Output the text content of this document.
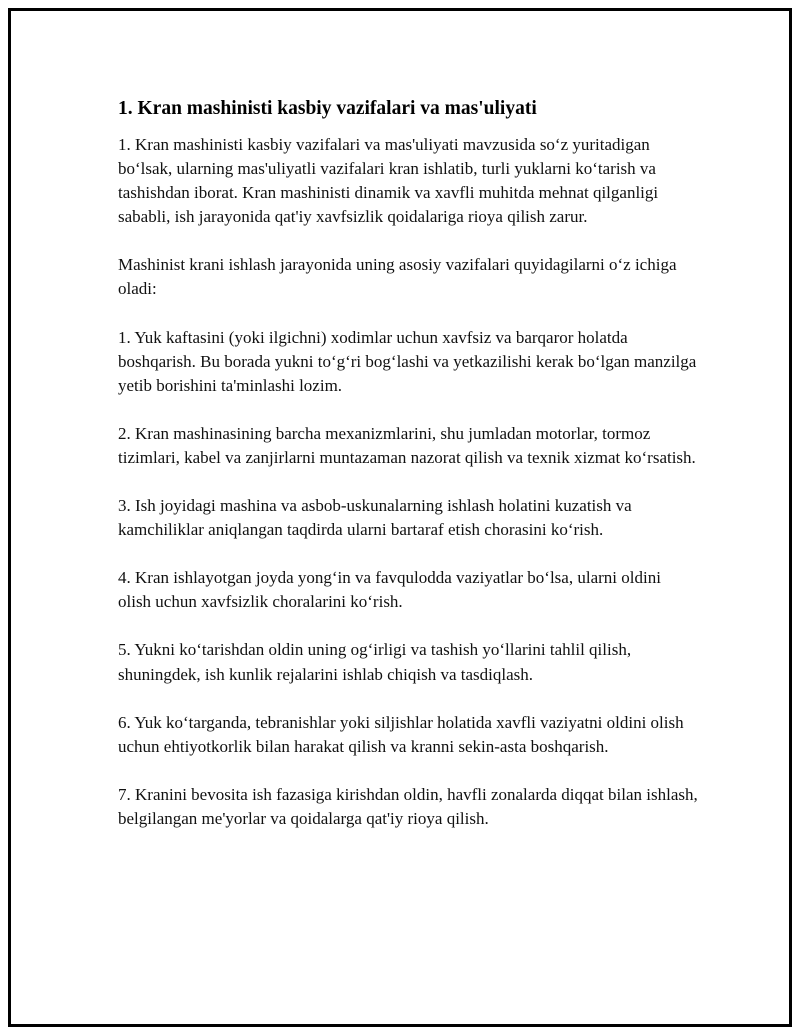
1. Kran mashinisti kasbiy vazifalari va mas'uliyati

1. Kran mashinisti kasbiy vazifalari va mas'uliyati mavzusida so‘z yuritadigan bo‘lsak, ularning mas'uliyatli vazifalari kran ishlatib, turli yuklarni ko‘tarish va tashishdan iborat. Kran mashinisti dinamik va xavfli muhitda mehnat qilganligi sababli, ish jarayonida qat'iy xavfsizlik qoidalariga rioya qilish zarur.

Mashinist krani ishlash jarayonida uning asosiy vazifalari quyidagilarni o‘z ichiga oladi:

1. Yuk kaftasini (yoki ilgichni) xodimlar uchun xavfsiz va barqaror holatda boshqarish. Bu borada yukni to‘g‘ri bog‘lashi va yetkazilishi kerak bo‘lgan manzilga yetib borishini ta'minlashi lozim.

2. Kran mashinasining barcha mexanizmlarini, shu jumladan motorlar, tormoz tizimlari, kabel va zanjirlarni muntazaman nazorat qilish va texnik xizmat ko‘rsatish.

3. Ish joyidagi mashina va asbob-uskunalarning ishlash holatini kuzatish va kamchiliklar aniqlangan taqdirda ularni bartaraf etish chorasini ko‘rish.

4. Kran ishlayotgan joyda yong‘in va favqulodda vaziyatlar bo‘lsa, ularni oldini olish uchun xavfsizlik choralarini ko‘rish.

5. Yukni ko‘tarishdan oldin uning og‘irligi va tashish yo‘llarini tahlil qilish, shuningdek, ish kunlik rejalarini ishlab chiqish va tasdiqlash.

6. Yuk ko‘targanda, tebranishlar yoki siljishlar holatida xavfli vaziyatni oldini olish uchun ehtiyotkorlik bilan harakat qilish va kranni sekin-asta boshqarish.

7. Kranini bevosita ish fazasiga kirishdan oldin, havfli zonalarda diqqat bilan ishlash, belgilangan me'yorlar va qoidalarga qat'iy rioya qilish.
